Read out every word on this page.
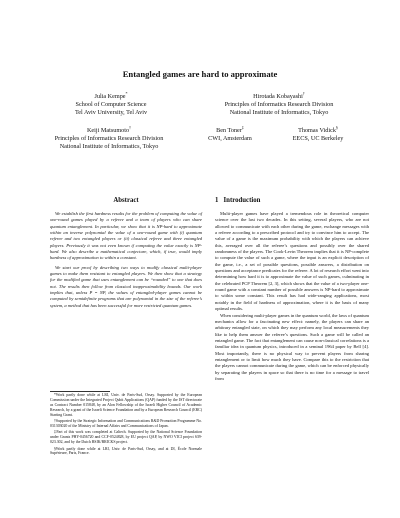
Entangled games are hard to approximate
Julia Kempe*
School of Computer Science
Tel Aviv University, Tel Aviv
Hirotada Kobayashi†
Principles of Informatics Research Division
National Institute of Informatics, Tokyo
Keiji Matsumoto†
Principles of Informatics Research Division
National Institute of Informatics, Tokyo
Ben Toner‡
CWI, Amsterdam
Thomas Vidick§
EECS, UC Berkeley
Abstract	1 Introduction

We establish the first hardness results for the problem of computing the value of one-round games played by a referee and a team of players who can share quantum entanglement. In particular, we show that it is NP-hard to approximate within an inverse polynomial the value of a one-round game with (i) quantum referee and two entangled players or (ii) classical referee and three entangled players. Previously it was not even known if computing the value exactly is NP-hard. We also describe a mathematical conjecture, which, if true, would imply hardness of approximation to within a constant.

We start our proof by describing two ways to modify classical multi-player games to make them resistant to entangled players. We then show that a strategy for the modified game that uses entanglement can be “rounded” to one that does not. The results then follow from classical inapproximability bounds. Our work implies that, unless P = NP, the values of entangled-player games cannot be computed by semidefinite programs that are polynomial in the size of the referee’s system, a method that has been successful for more restricted quantum games.

Multi-player games have played a tremendous role in theoretical computer science over the last two decades. In this setting, several players, who are not allowed to communicate with each other during the game, exchange messages with a referee according to a prescribed protocol and try to convince him to accept. The value of a game is the maximum probability with which the players can achieve this, averaged over all the referee’s questions and possibly over the shared randomness of the players. The Cook-Levin Theorem implies that it is NP-complete to compute the value of such a game, where the input is an explicit description of the game, i.e., a set of possible questions, possible answers, a distribution on questions and acceptance predicates for the referee. A lot of research effort went into determining how hard it is to approximate the value of such games, culminating in the celebrated PCP Theorem [2, 3], which shows that the value of a two-player one-round game with a constant number of possible answers is NP-hard to approximate to within some constant. This result has had wide-ranging applications, most notably in the field of hardness of approximation, where it is the basis of many optimal results.

When considering multi-player games in the quantum world, the laws of quantum mechanics allow for a fascinating new effect: namely, the players can share an arbitrary entangled state, on which they may perform any local measurements they like to help them answer the referee’s questions. Such a game will be called an entangled game. The fact that entanglement can cause non-classical correlations is a familiar idea in quantum physics, introduced in a seminal 1964 paper by Bell [4]. Most importantly, there is no physical way to prevent players from sharing entanglement or to limit how much they have. Compare this to the restriction that the players cannot communicate during the game, which can be enforced physically by separating the players in space so that there is no time for a message to travel from

*Work partly done while at LRI, Univ. de Paris-Sud, Orsay. Supported by the European Commission under the Integrated Project Qubit Applications (QAP) funded by the IST directorate as Contract Number 015848, by an Alon Fellowship of the Israeli Higher Council of Academic Research, by a grant of the Israeli Science Foundation and by a European Research Council (ERC) Starting Grant.

†Supported by the Strategic Information and Communications R&D Promotion Programme No. 031303020 of the Ministry of Internal Affairs and Communications of Japan.

‡Part of this work was completed at Caltech. Supported by the National Science Foundation under Grants PHY-0456720 and CCF-0524828, by EU project QAP, by NWO VICI project 639-023.302, and by the Dutch BSIK/BRICKS project.

§Work partly done while at LRI, Univ. de Paris-Sud, Orsay, and at DI, École Normale Supérieure, Paris, France.
